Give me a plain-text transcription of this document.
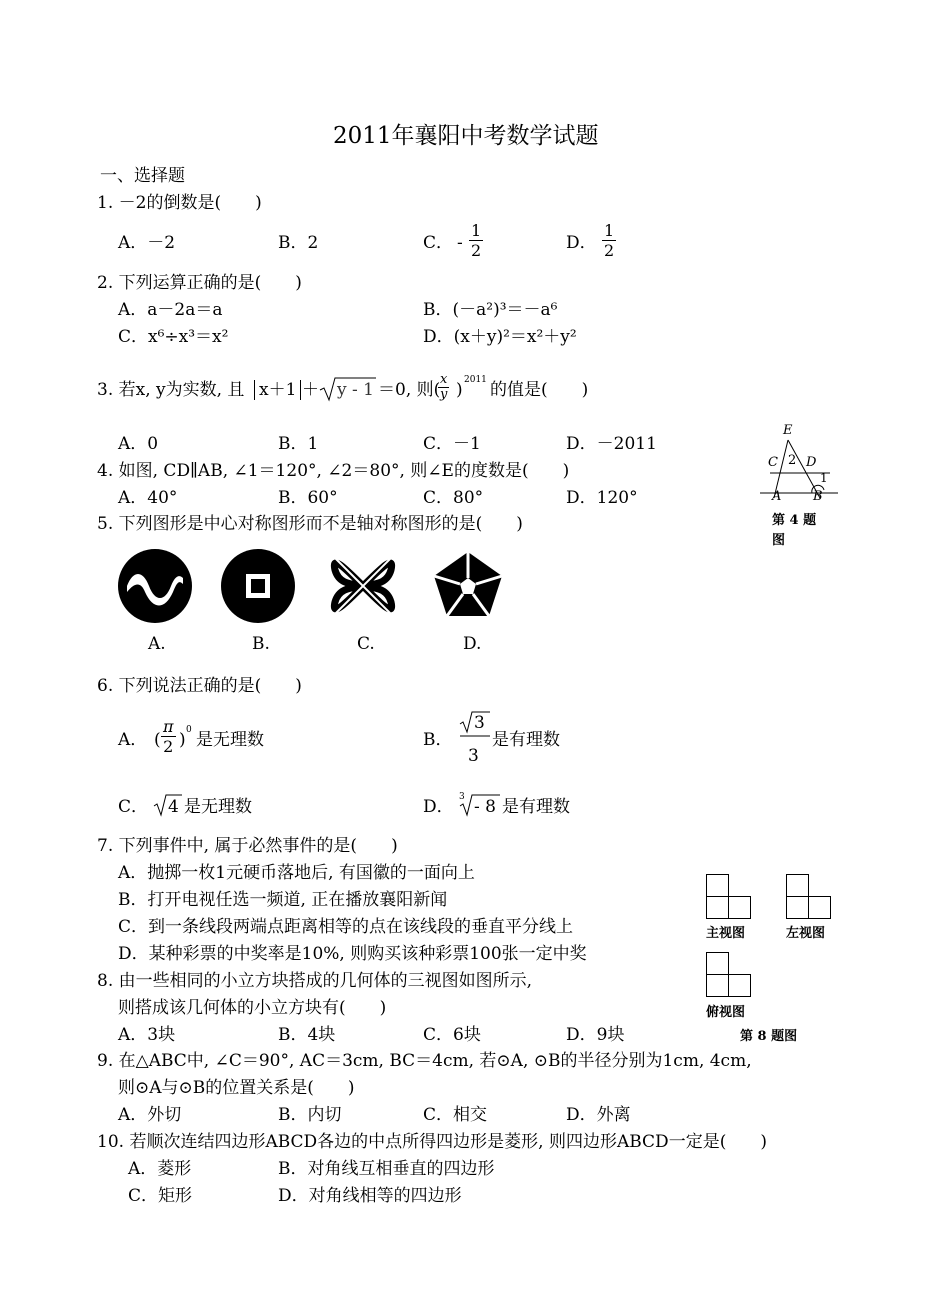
2011年襄阳中考数学试题
一、选择题
1. －2的倒数是(　　)
A．－2	B．2	C． - $\frac{1}{2}$	D． $\frac{1}{2}$
2. 下列运算正确的是(　　)
A．a－2a＝a	B．(－a²)³＝－a⁶
C．x⁶÷x³＝x²	D．(x＋y)²＝x²＋y²
3. 若x, y为实数, 且 x＋1 ＋ y - 1 ＝0, 则(
$\frac{x}{y}$ ) 2011 的值是(　　)
A．0	B．1	C．－1	D．－2011
4. 如图, CD∥AB, ∠1＝120°, ∠2＝80°, 则∠E的度数是(　　)
A．40°	B．60°	C．80°	D．120°
E
C 2 D
1
A B
第 4 题
图
5. 下列图形是中心对称图形而不是轴对称图形的是(　　)
A.	B.	C.	D.
6. 下列说法正确的是(　　)
A． ( $\frac{\pi}{2}$ ) 0 是无理数	B．
3
3
是有理数
C． 4 是无理数	D． 3 - 8 是有理数
7. 下列事件中, 属于必然事件的是(　　)
A．抛掷一枚1元硬币落地后, 有国徽的一面向上
B．打开电视任选一频道, 正在播放襄阳新闻
C．到一条线段两端点距离相等的点在该线段的垂直平分线上
D．某种彩票的中奖率是10%, 则购买该种彩票100张一定中奖
8. 由一些相同的小立方块搭成的几何体的三视图如图所示,
则搭成该几何体的小立方块有(　　)
A．3块	B．4块	C．6块	D．9块
主视图	左视图
俯视图
第 8 题图
9. 在△ABC中, ∠C＝90°, AC＝3cm, BC＝4cm, 若⊙A, ⊙B的半径分别为1cm, 4cm,
则⊙A与⊙B的位置关系是(　　)
A．外切	B．内切	C．相交	D．外离
10. 若顺次连结四边形ABCD各边的中点所得四边形是菱形, 则四边形ABCD一定是(　　)
A．菱形	B．对角线互相垂直的四边形
C．矩形	D．对角线相等的四边形
